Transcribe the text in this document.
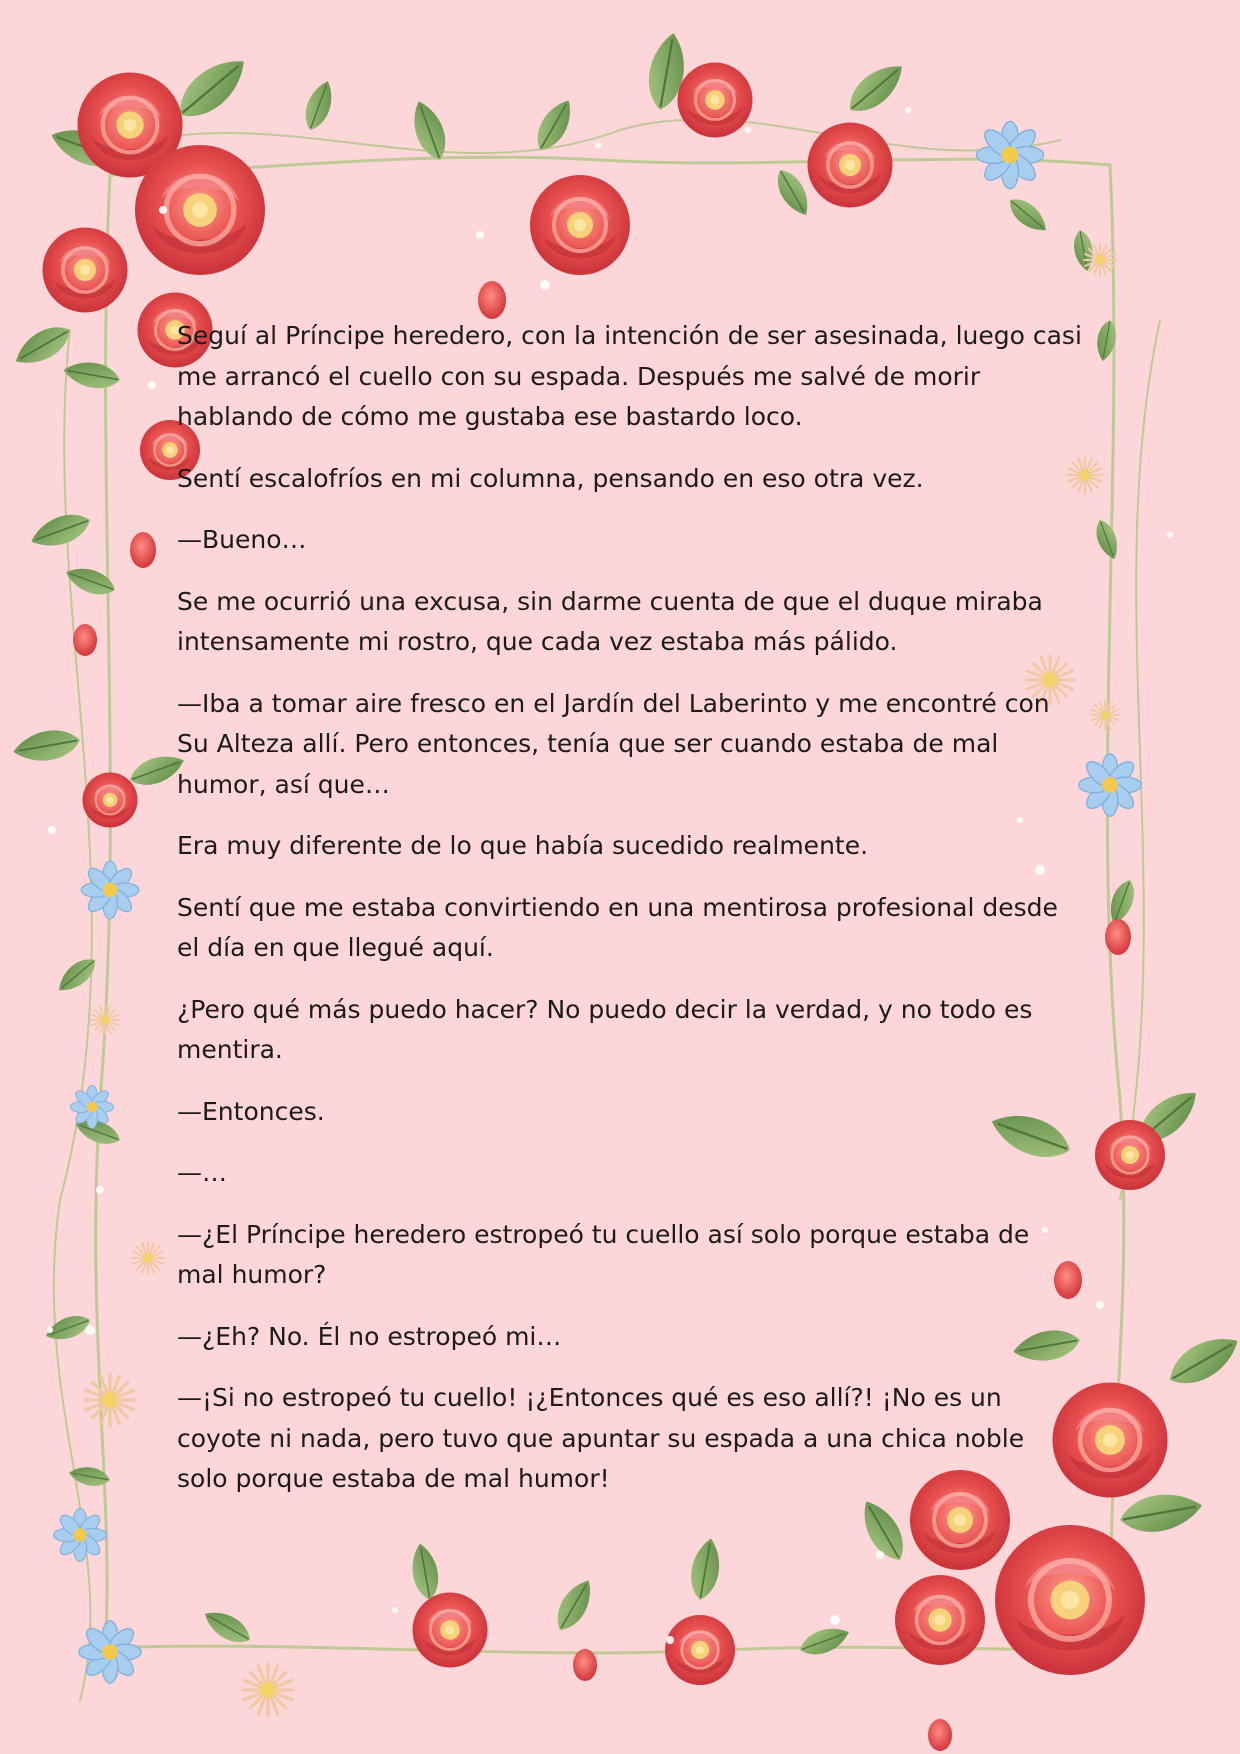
Seguí al Príncipe heredero, con la intención de ser asesinada, luego casi me arrancó el cuello con su espada. Después me salvé de morir hablando de cómo me gustaba ese bastardo loco.

Sentí escalofríos en mi columna, pensando en eso otra vez.

—Bueno…

Se me ocurrió una excusa, sin darme cuenta de que el duque miraba intensamente mi rostro, que cada vez estaba más pálido.

—Iba a tomar aire fresco en el Jardín del Laberinto y me encontré con Su Alteza allí. Pero entonces, tenía que ser cuando estaba de mal humor, así que…

Era muy diferente de lo que había sucedido realmente.

Sentí que me estaba convirtiendo en una mentirosa profesional desde el día en que llegué aquí.

¿Pero qué más puedo hacer? No puedo decir la verdad, y no todo es mentira.

—Entonces.

—…

—¿El Príncipe heredero estropeó tu cuello así solo porque estaba de mal humor?

—¿Eh? No. Él no estropeó mi…

—¡Si no estropeó tu cuello! ¡¿Entonces qué es eso allí?! ¡No es un coyote ni nada, pero tuvo que apuntar su espada a una chica noble solo porque estaba de mal humor!
